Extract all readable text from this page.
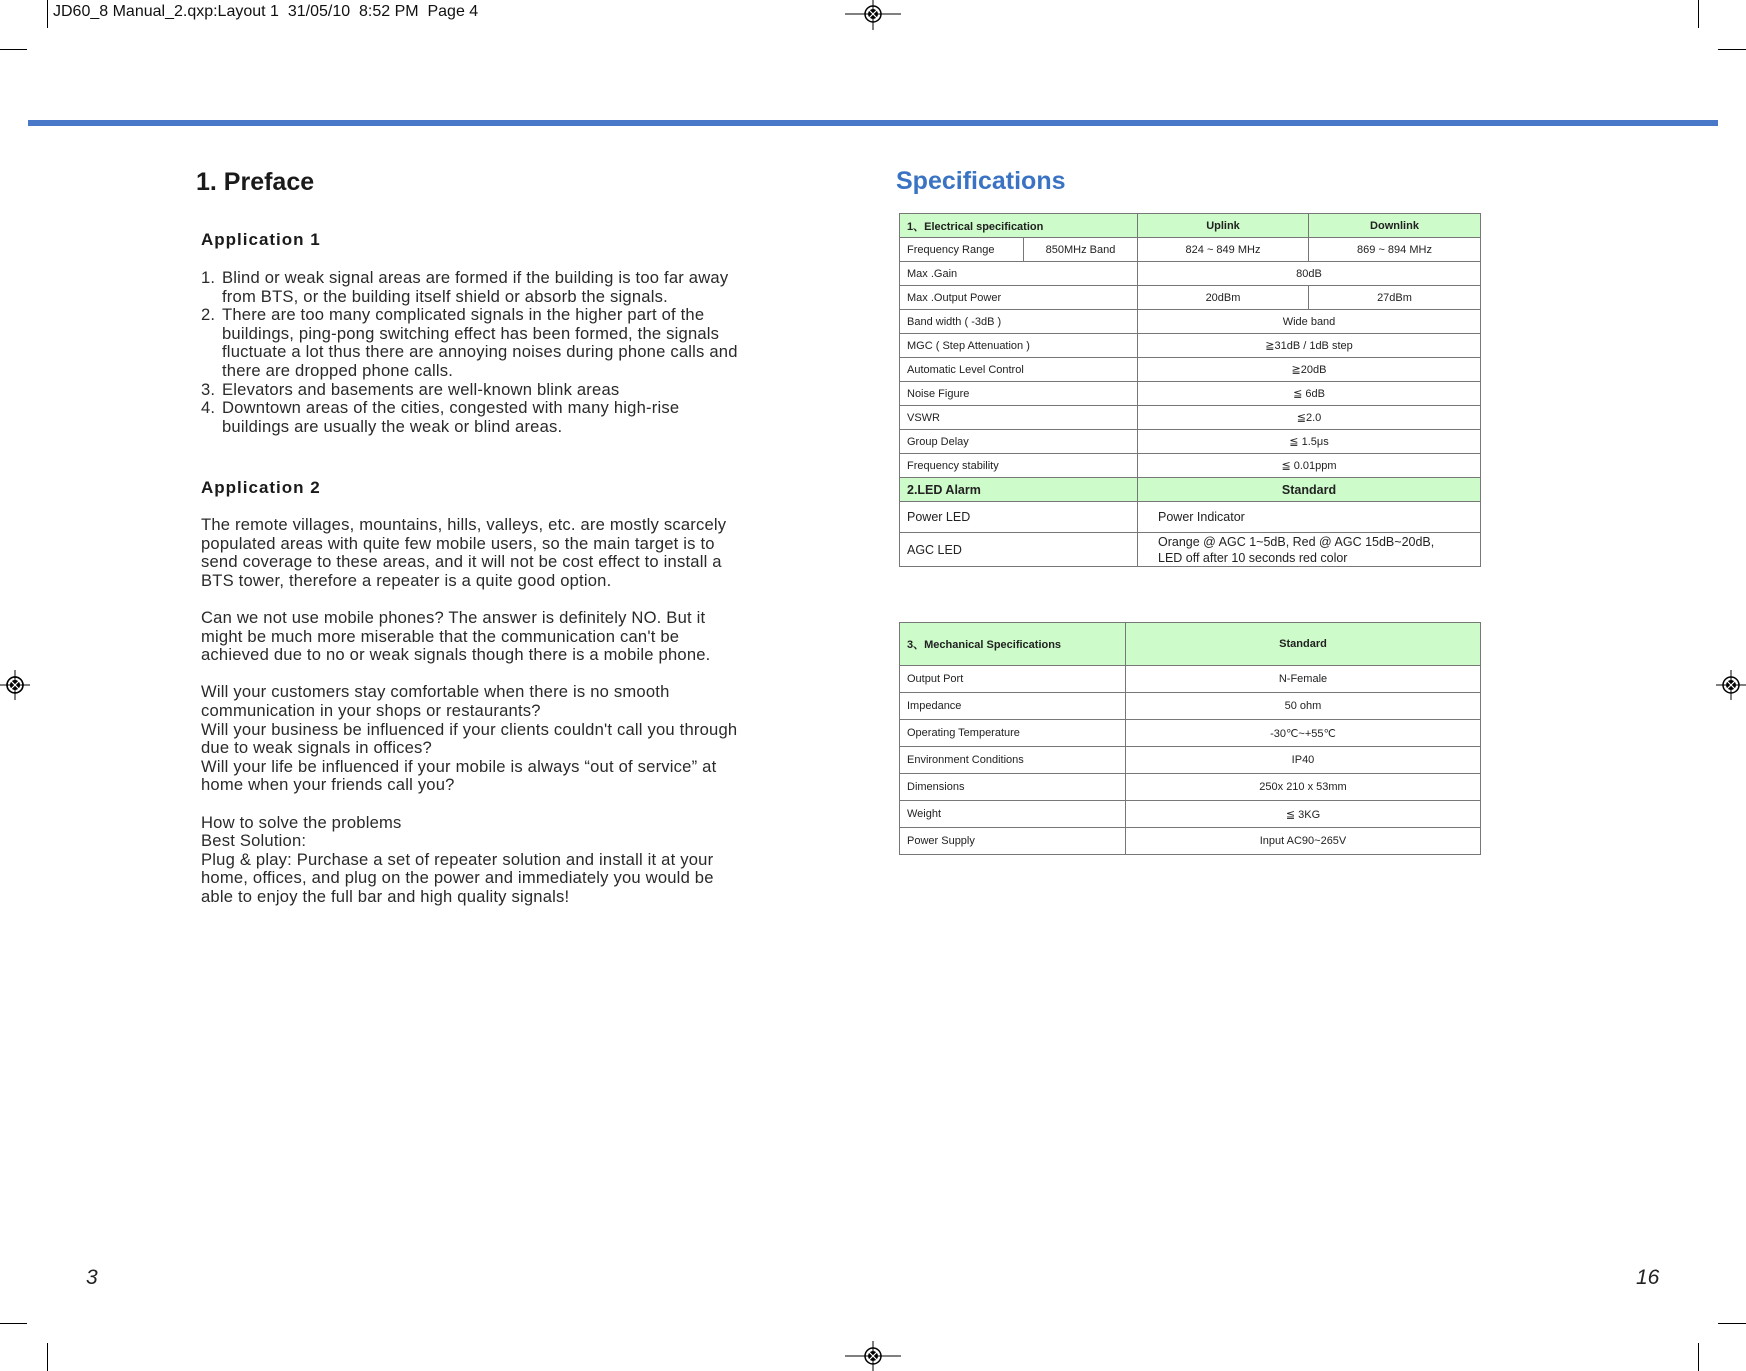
JD60_8 Manual_2.qxp:Layout 1  31/05/10  8:52 PM  Page 4
1. Preface
Application 1
1. Blind or weak signal areas are formed if the building is too far away from BTS, or the building itself shield or absorb the signals.
2. There are too many complicated signals in the higher part of the buildings, ping-pong switching effect has been formed, the signals fluctuate a lot thus there are annoying noises during phone calls and there are dropped phone calls.
3. Elevators and basements are well-known blink areas
4. Downtown areas of the cities, congested with many high-rise buildings are usually the weak or blind areas.
Application 2

The remote villages, mountains, hills, valleys, etc. are mostly scarcely populated areas with quite few mobile users, so the main target is to send coverage to these areas, and it will not be cost effect to install a BTS tower, therefore a repeater is a quite good option.

Can we not use mobile phones? The answer is definitely NO. But it might be much more miserable that the communication can't be achieved due to no or weak signals though there is a mobile phone.

Will your customers stay comfortable when there is no smooth communication in your shops or restaurants?

Will your business be influenced if your clients couldn't call you through due to weak signals in offices?

Will your life be influenced if your mobile is always “out of service” at home when your friends call you?

How to solve the problems

Best Solution:

Plug & play: Purchase a set of repeater solution and install it at your home, offices, and plug on the power and immediately you would be able to enjoy the full bar and high quality signals!

3
Specifications
1、Electrical specification		Uplink	Downlink
Frequency Range	850MHz Band	824 ~ 849 MHz	869 ~ 894 MHz
Max .Gain		80dB	
Max .Output Power		20dBm	27dBm
Band width ( -3dB )		Wide band	
MGC ( Step Attenuation )		≧31dB / 1dB step	
Automatic Level Control		≧20dB	
Noise Figure		≦ 6dB	
VSWR		≦2.0	
Group Delay		≦ 1.5μs	
Frequency stability		≦ 0.01ppm	
2.LED Alarm		Standard	
Power LED		Power Indicator	
AGC LED		Orange @ AGC 1~5dB, Red @ AGC 15dB~20dB,
LED off after 10 seconds red color	
3、Mechanical Specifications	Standard
Output Port	N-Female
Impedance	50 ohm
Operating Temperature	-30℃~+55℃
Environment Conditions	IP40
Dimensions	250x 210 x 53mm
Weight	≦ 3KG
Power Supply	Input AC90~265V
16
